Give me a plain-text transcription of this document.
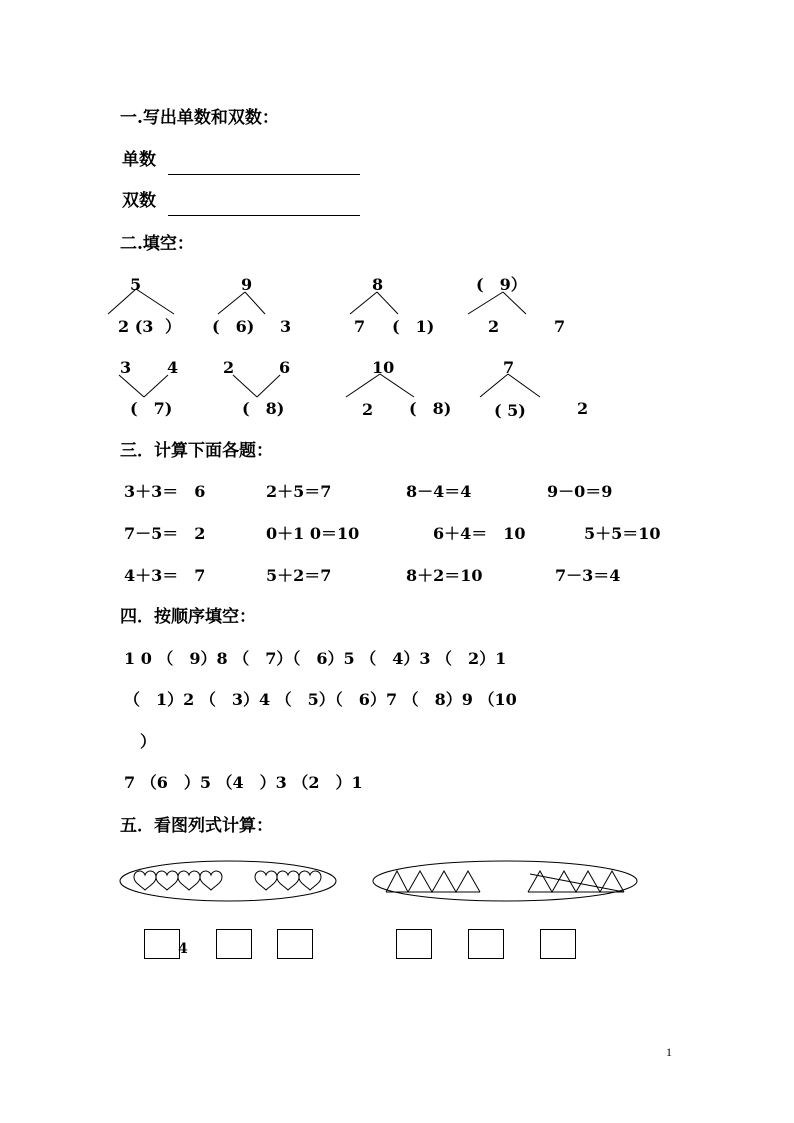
一.写出单数和双数：
单数
双数
二.填空：
5
2 (3 ）
9
(　6) 3
8
7 (　1)
(　9）
2	7
3 4
(　7)
2	6
(　8)
10
2 (　8)
7
( 5)	2
三．计算下面各题：
3＋3＝　6	2＋5＝7	8－4＝4	9－0＝9
7－5＝　2	0＋1 0＝10	6＋4＝　10	5＋5＝10
4＋3＝　7	5＋2＝7	8＋2＝10	7－3＝4
四．按顺序填空：
1 0 （　9）8 （　7）（　6）5 （　4）3 （　2）1
（　1）2 （　3）4 （　5）（　6）7 （　8）9 （10
）
7 （6　）5 （4　）3 （2　）1
五．看图列式计算：
4
1
